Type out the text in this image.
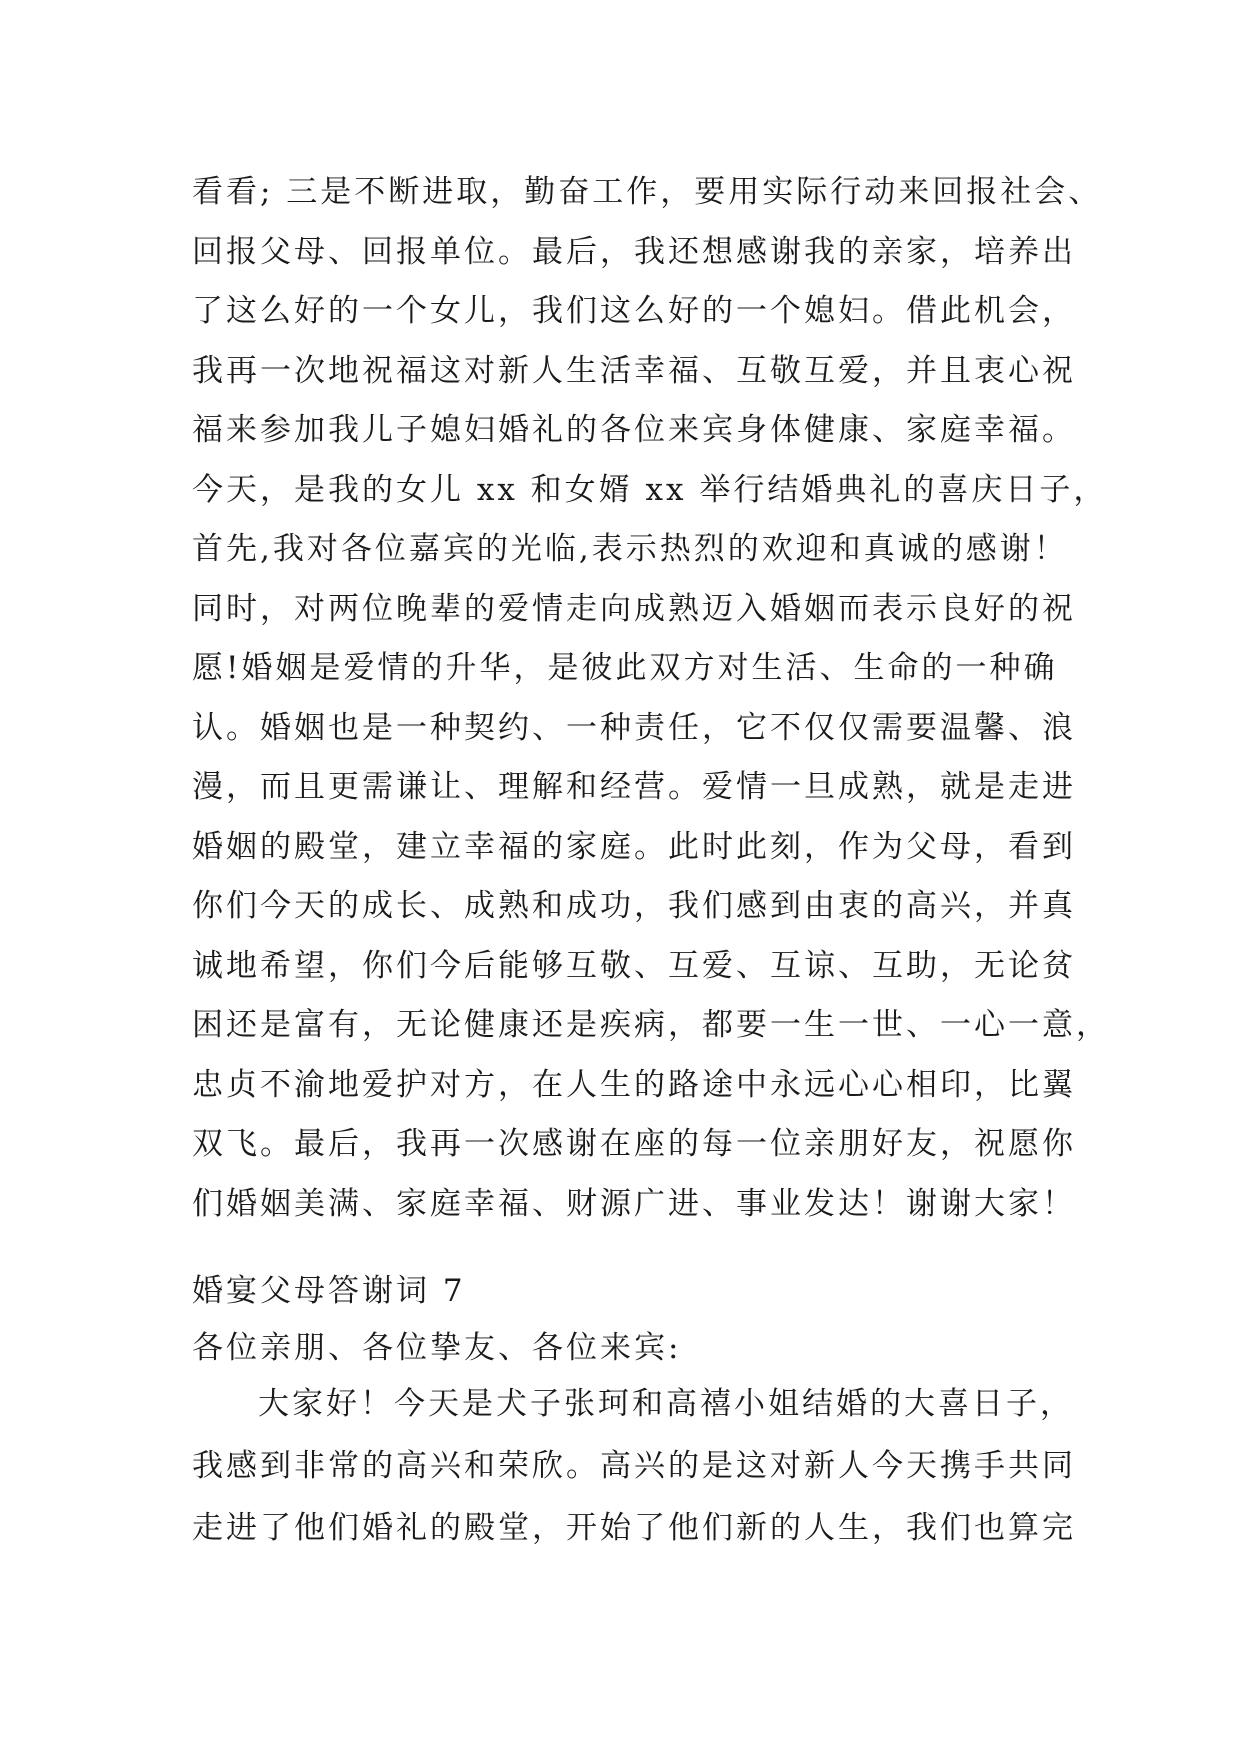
看看; 三是不断进取，勤奋工作，要用实际行动来回报社会、
回报父母、回报单位。最后，我还想感谢我的亲家，培养出
了这么好的一个女儿，我们这么好的一个媳妇。借此机会，
我再一次地祝福这对新人生活幸福、互敬互爱，并且衷心祝
福来参加我儿子媳妇婚礼的各位来宾身体健康、家庭幸福。
今天，是我的女儿 xx 和女婿 xx 举行结婚典礼的喜庆日子，
首先,我对各位嘉宾的光临,表示热烈的欢迎和真诚的感谢！
同时，对两位晚辈的爱情走向成熟迈入婚姻而表示良好的祝
愿!婚姻是爱情的升华，是彼此双方对生活、生命的一种确
认。婚姻也是一种契约、一种责任，它不仅仅需要温馨、浪
漫，而且更需谦让、理解和经营。爱情一旦成熟，就是走进
婚姻的殿堂，建立幸福的家庭。此时此刻，作为父母，看到
你们今天的成长、成熟和成功，我们感到由衷的高兴，并真
诚地希望，你们今后能够互敬、互爱、互谅、互助，无论贫
困还是富有，无论健康还是疾病，都要一生一世、一心一意，
忠贞不渝地爱护对方，在人生的路途中永远心心相印，比翼
双飞。最后，我再一次感谢在座的每一位亲朋好友，祝愿你
们婚姻美满、家庭幸福、财源广进、事业发达！谢谢大家！
婚宴父母答谢词 7
各位亲朋、各位挚友、各位来宾:
大家好！今天是犬子张珂和高禧小姐结婚的大喜日子，
我感到非常的高兴和荣欣。高兴的是这对新人今天携手共同
走进了他们婚礼的殿堂，开始了他们新的人生，我们也算完
